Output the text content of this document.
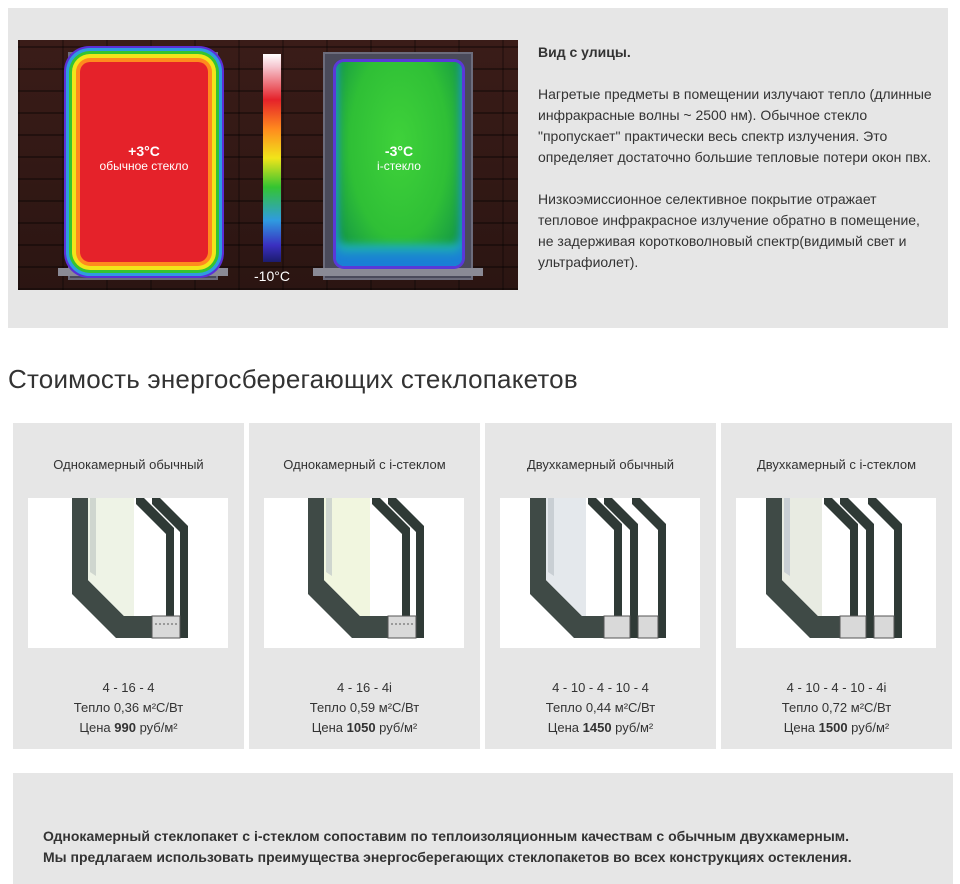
+3°C
обычное стекло
-10°C
-3°C
i-стекло
Вид с улицы.

Нагретые предметы в помещении излучают тепло (длинные инфракрасные волны ~ 2500 нм). Обычное стекло "пропускает" практически весь спектр излучения. Это определяет достаточно большие тепловые потери окон пвх.

Низкоэмиссионное селективное покрытие отражает тепловое инфракрасное излучение обратно в помещение, не задерживая коротковолновый спектр(видимый свет и ультрафиолет).

Стоимость энергосберегающих стеклопакетов
Однокамерный обычный
4 - 16 - 4
Тепло 0,36 м²С/Вт
Цена 990 руб/м²
Однокамерный с i-стеклом
4 - 16 - 4i
Тепло 0,59 м²С/Вт
Цена 1050 руб/м²
Двухкамерный обычный
4 - 10 - 4 - 10 - 4
Тепло 0,44 м²С/Вт
Цена 1450 руб/м²
Двухкамерный с i-стеклом
4 - 10 - 4 - 10 - 4i
Тепло 0,72 м²С/Вт
Цена 1500 руб/м²

Однокамерный стеклопакет с i-стеклом сопоставим по теплоизоляционным качествам с обычным двухкамерным.
Мы предлагаем использовать преимущества энергосберегающих стеклопакетов во всех конструкциях остекления.
